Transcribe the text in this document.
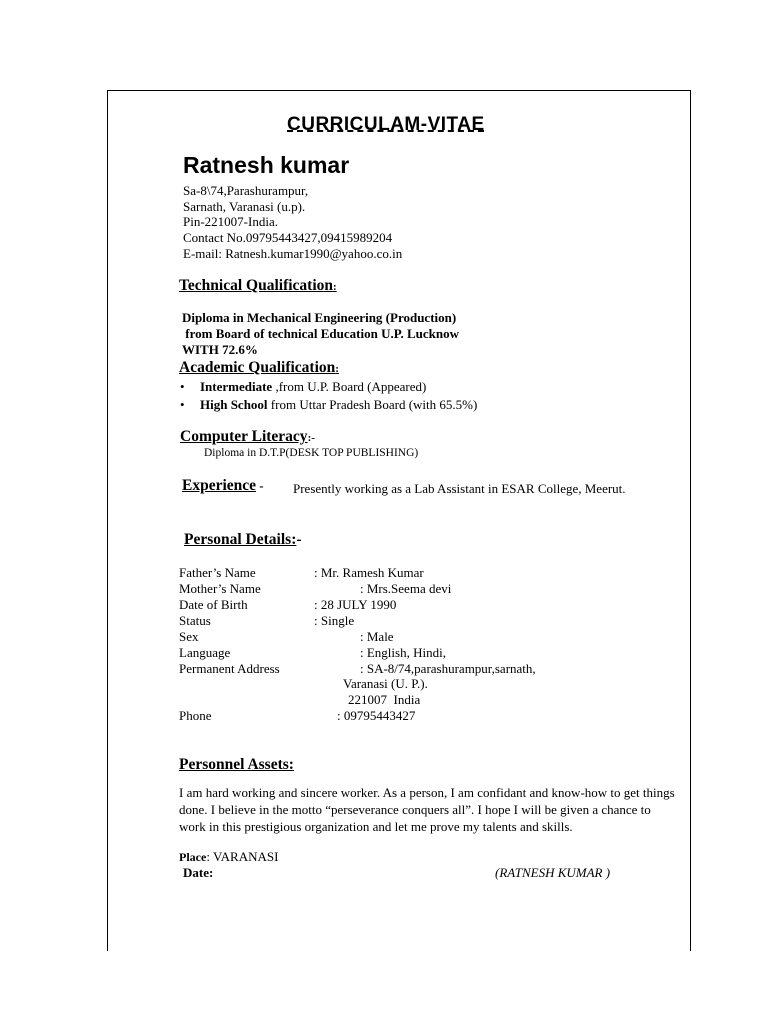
CURRICULAM-VITAE
Ratnesh kumar
Sa-8\74,Parashurampur,
Sarnath, Varanasi (u.p).
Pin-221007-India.
Contact No.09795443427,09415989204
E-mail: Ratnesh.kumar1990@yahoo.co.in
Technical Qualification:
Diploma in Mechanical Engineering (Production)
from Board of technical Education U.P. Lucknow
WITH 72.6%
Academic Qualification:
• Intermediate ,from U.P. Board (Appeared)
• High School from Uttar Pradesh Board (with 65.5%)
Computer Literacy:-
Diploma in D.T.P(DESK TOP PUBLISHING)
Experience - Presently working as a Lab Assistant in ESAR College, Meerut.
Personal Details:-
Father’s Name	: Mr. Ramesh Kumar
Mother’s Name	: Mrs.Seema devi
Date of Birth	: 28 JULY 1990
Status	: Single
Sex	: Male
Language	: English, Hindi,
Permanent Address	: SA-8/74,parashurampur,sarnath,
Varanasi (U. P.).
221007  India
Phone	: 09795443427
Personnel Assets:
I am hard working and sincere worker. As a person, I am confidant and know-how to get things done. I believe in the motto “perseverance conquers all”. I hope I will be given a chance to work in this prestigious organization and let me prove my talents and skills.
Place: VARANASI
Date:	(RATNESH KUMAR )
